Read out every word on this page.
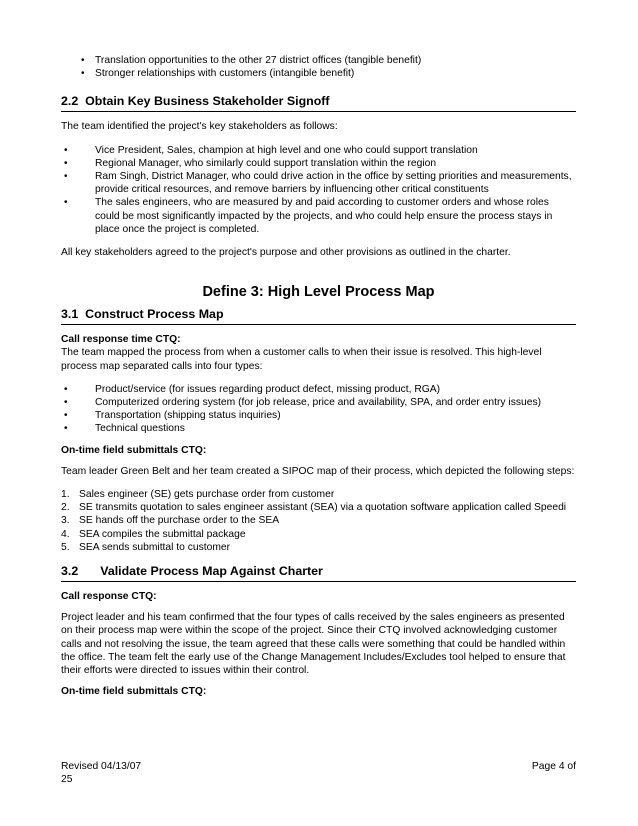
• Translation opportunities to the other 27 district offices (tangible benefit)
• Stronger relationships with customers (intangible benefit)
2.2 Obtain Key Business Stakeholder Signoff

The team identified the project's key stakeholders as follows:

• Vice President, Sales, champion at high level and one who could support translation
• Regional Manager, who similarly could support translation within the region
• Ram Singh, District Manager, who could drive action in the office by setting priorities and measurements, provide critical resources, and remove barriers by influencing other critical constituents
• The sales engineers, who are measured by and paid according to customer orders and whose roles could be most significantly impacted by the projects, and who could help ensure the process stays in place once the project is completed.

All key stakeholders agreed to the project's purpose and other provisions as outlined in the charter.

Define 3: High Level Process Map
3.1 Construct Process Map

Call response time CTQ:

The team mapped the process from when a customer calls to when their issue is resolved. This high-level process map separated calls into four types:

• Product/service (for issues regarding product defect, missing product, RGA)
• Computerized ordering system (for job release, price and availability, SPA, and order entry issues)
• Transportation (shipping status inquiries)
• Technical questions

On-time field submittals CTQ:

Team leader Green Belt and her team created a SIPOC map of their process, which depicted the following steps:

1. Sales engineer (SE) gets purchase order from customer
2. SE transmits quotation to sales engineer assistant (SEA) via a quotation software application called Speedi
3. SE hands off the purchase order to the SEA
4. SEA compiles the submittal package
5. SEA sends submittal to customer
3.2 Validate Process Map Against Charter

Call response CTQ:

Project leader and his team confirmed that the four types of calls received by the sales engineers as presented on their process map were within the scope of the project. Since their CTQ involved acknowledging customer calls and not resolving the issue, the team agreed that these calls were something that could be handled within the office. The team felt the early use of the Change Management Includes/Excludes tool helped to ensure that their efforts were directed to issues within their control.

On-time field submittals CTQ:

Revised 04/13/07
25
Page 4 of
